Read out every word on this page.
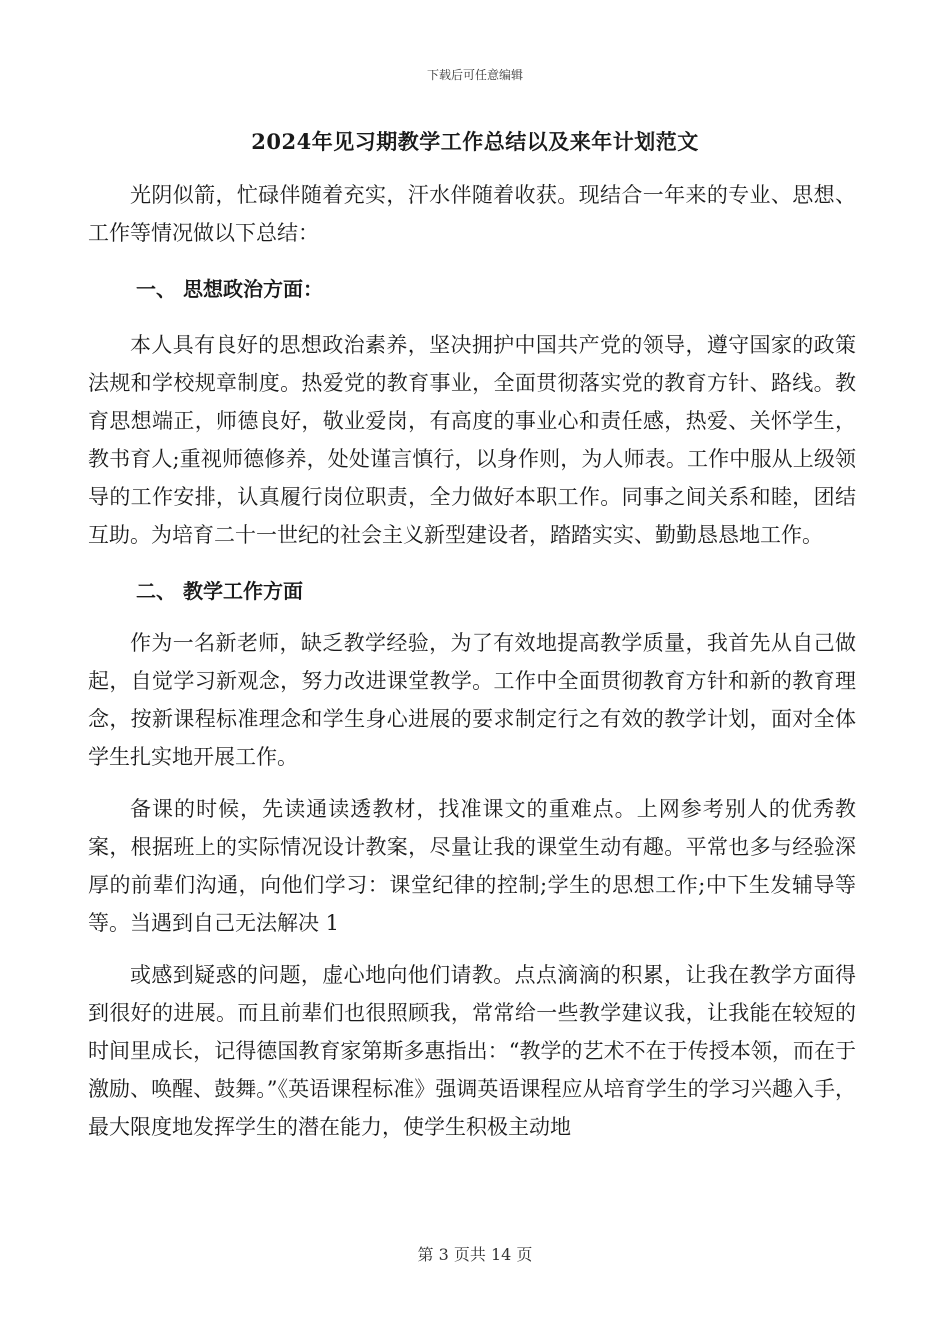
下载后可任意编辑
2024年见习期教学工作总结以及来年计划范文

光阴似箭，忙碌伴随着充实，汗水伴随着收获。现结合一年来的专业、思想、工作等情况做以下总结：

一、 思想政治方面：

本人具有良好的思想政治素养，坚决拥护中国共产党的领导，遵守国家的政策法规和学校规章制度。热爱党的教育事业，全面贯彻落实党的教育方针、路线。教育思想端正，师德良好，敬业爱岗，有高度的事业心和责任感，热爱、关怀学生，教书育人;重视师德修养，处处谨言慎行，以身作则，为人师表。工作中服从上级领导的工作安排，认真履行岗位职责，全力做好本职工作。同事之间关系和睦，团结互助。为培育二十一世纪的社会主义新型建设者，踏踏实实、勤勤恳恳地工作。

二、 教学工作方面

作为一名新老师，缺乏教学经验，为了有效地提高教学质量，我首先从自己做起，自觉学习新观念，努力改进课堂教学。工作中全面贯彻教育方针和新的教育理念，按新课程标准理念和学生身心进展的要求制定行之有效的教学计划，面对全体学生扎实地开展工作。

备课的时候，先读通读透教材，找准课文的重难点。上网参考别人的优秀教案，根据班上的实际情况设计教案，尽量让我的课堂生动有趣。平常也多与经验深厚的前辈们沟通，向他们学习：课堂纪律的控制;学生的思想工作;中下生发辅导等等。当遇到自己无法解决 1

或感到疑惑的问题，虚心地向他们请教。点点滴滴的积累，让我在教学方面得到很好的进展。而且前辈们也很照顾我，常常给一些教学建议我，让我能在较短的时间里成长，记得德国教育家第斯多惠指出：“教学的艺术不在于传授本领，而在于激励、唤醒、鼓舞。”《英语课程标准》强调英语课程应从培育学生的学习兴趣入手，最大限度地发挥学生的潜在能力，使学生积极主动地

第 3 页共 14 页
